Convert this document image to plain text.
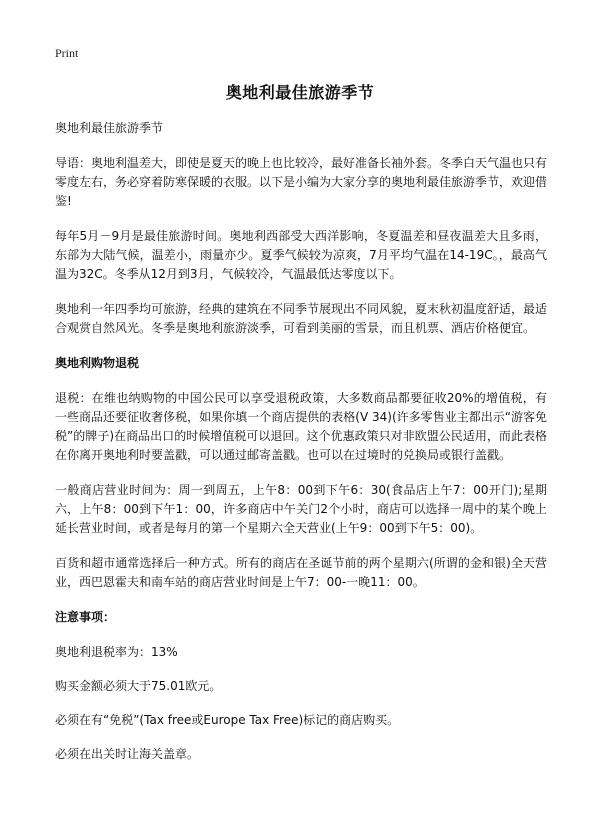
Print
奥地利最佳旅游季节

奥地利最佳旅游季节

导语：奥地利温差大，即使是夏天的晚上也比较冷，最好准备长袖外套。冬季白天气温也只有零度左右，务必穿着防寒保暖的衣服。以下是小编为大家分享的奥地利最佳旅游季节，欢迎借鉴!

每年5月－9月是最佳旅游时间。奥地利西部受大西洋影响，冬夏温差和昼夜温差大且多雨，东部为大陆气候，温差小，雨量亦少。夏季气候较为凉爽，7月平均气温在14-19C。，最高气温为32C。冬季从12月到3月，气候较冷，气温最低达零度以下。

奥地利一年四季均可旅游，经典的建筑在不同季节展现出不同风貌，夏末秋初温度舒适，最适合观赏自然风光。冬季是奥地利旅游淡季，可看到美丽的雪景，而且机票、酒店价格便宜。

奥地利购物退税

退税：在维也纳购物的中国公民可以享受退税政策，大多数商品都要征收20%的增值税，有一些商品还要征收奢侈税，如果你填一个商店提供的表格(V 34)(许多零售业主都出示“游客免税”的牌子)在商品出口的时候增值税可以退回。这个优惠政策只对非欧盟公民适用，而此表格在你离开奥地利时要盖戳，可以通过邮寄盖戳。也可以在过境时的兑换局或银行盖戳。

一般商店营业时间为：周一到周五，上午8：00到下午6：30(食品店上午7：00开门);星期六，上午8：00到下午1：00，许多商店中午关门2个小时，商店可以选择一周中的某个晚上延长营业时间，或者是每月的第一个星期六全天营业(上午9：00到下午5：00)。

百货和超市通常选择后一种方式。所有的商店在圣诞节前的两个星期六(所谓的金和银)全天营业，西巴恩霍夫和南车站的商店营业时间是上午7：00-一晚11：00。

注意事项：

奥地利退税率为：13%

购买金额必须大于75.01欧元。

必须在有“免税”(Tax free或Europe Tax Free)标记的商店购买。

必须在出关时让海关盖章。
